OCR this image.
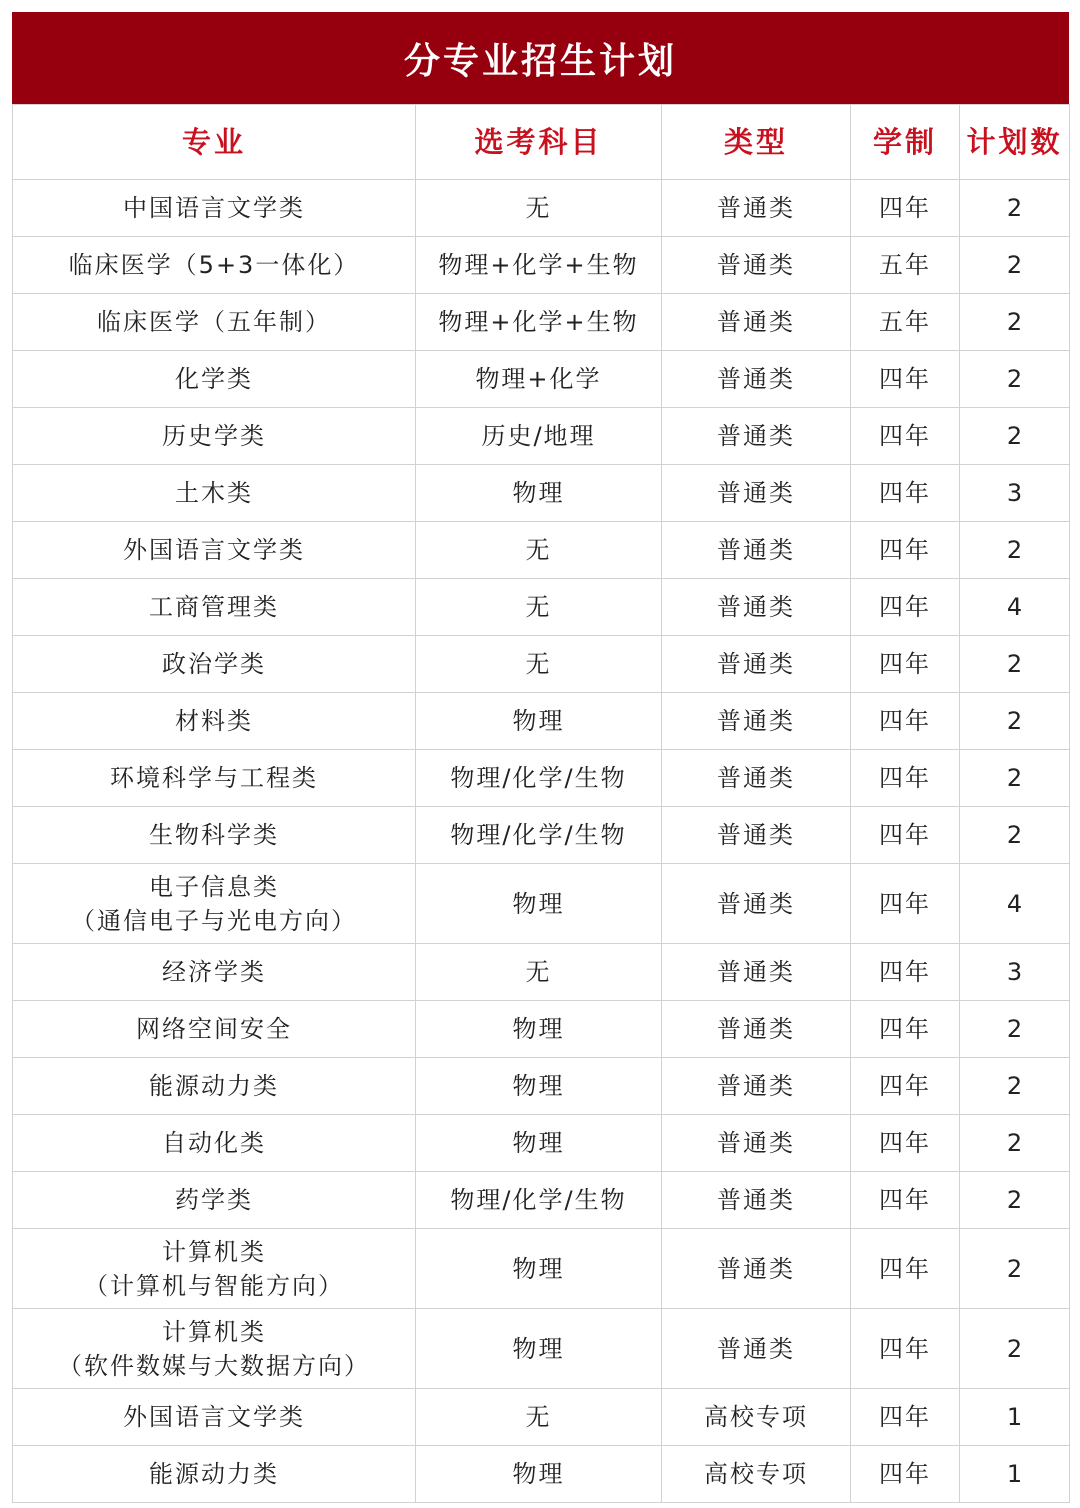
分专业招生计划
专业	选考科目	类型	学制	计划数

中国语言文学类	无	普通类	四年	2

临床医学（5+3一体化）	物理+化学+生物	普通类	五年	2

临床医学（五年制）	物理+化学+生物	普通类	五年	2

化学类	物理+化学	普通类	四年	2

历史学类	历史/地理	普通类	四年	2

土木类	物理	普通类	四年	3

外国语言文学类	无	普通类	四年	2

工商管理类	无	普通类	四年	4

政治学类	无	普通类	四年	2

材料类	物理	普通类	四年	2

环境科学与工程类	物理/化学/生物	普通类	四年	2

生物科学类	物理/化学/生物	普通类	四年	2

电子信息类
（通信电子与光电方向）	物理	普通类	四年	4

经济学类	无	普通类	四年	3

网络空间安全	物理	普通类	四年	2

能源动力类	物理	普通类	四年	2

自动化类	物理	普通类	四年	2

药学类	物理/化学/生物	普通类	四年	2

计算机类
（计算机与智能方向）	物理	普通类	四年	2

计算机类
（软件数媒与大数据方向）	物理	普通类	四年	2

外国语言文学类	无	高校专项	四年	1

能源动力类	物理	高校专项	四年	1
